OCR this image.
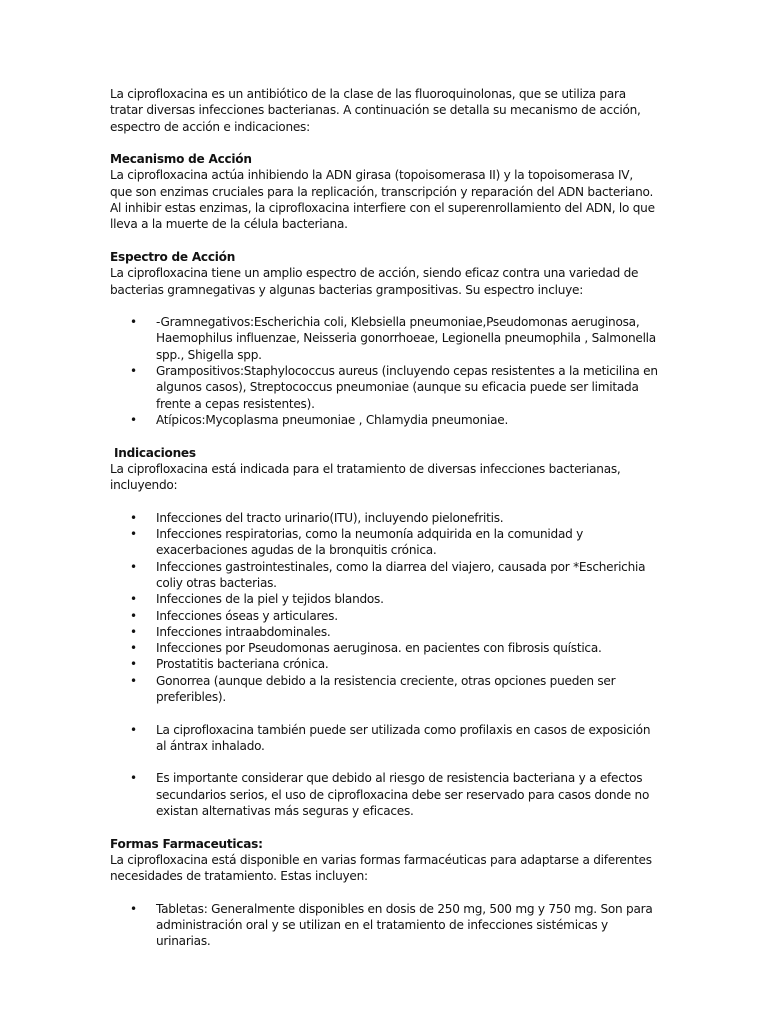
La ciprofloxacina es un antibiótico de la clase de las fluoroquinolonas, que se utiliza para tratar diversas infecciones bacterianas. A continuación se detalla su mecanismo de acción, espectro de acción e indicaciones:

Mecanismo de Acción

La ciprofloxacina actúa inhibiendo la ADN girasa (topoisomerasa II) y la topoisomerasa IV, que son enzimas cruciales para la replicación, transcripción y reparación del ADN bacteriano. Al inhibir estas enzimas, la ciprofloxacina interfiere con el superenrollamiento del ADN, lo que lleva a la muerte de la célula bacteriana.

Espectro de Acción

La ciprofloxacina tiene un amplio espectro de acción, siendo eficaz contra una variedad de bacterias gramnegativas y algunas bacterias grampositivas. Su espectro incluye:

• -Gramnegativos:Escherichia coli, Klebsiella pneumoniae,Pseudomonas aeruginosa, Haemophilus influenzae, Neisseria gonorrhoeae, Legionella pneumophila , Salmonella spp., Shigella spp.
• Grampositivos:Staphylococcus aureus (incluyendo cepas resistentes a la meticilina en algunos casos), Streptococcus pneumoniae (aunque su eficacia puede ser limitada frente a cepas resistentes).
• Atípicos:Mycoplasma pneumoniae , Chlamydia pneumoniae.

Indicaciones

La ciprofloxacina está indicada para el tratamiento de diversas infecciones bacterianas, incluyendo:

• Infecciones del tracto urinario(ITU), incluyendo pielonefritis.
• Infecciones respiratorias, como la neumonía adquirida en la comunidad y exacerbaciones agudas de la bronquitis crónica.
• Infecciones gastrointestinales, como la diarrea del viajero, causada por *Escherichia coliy otras bacterias.
• Infecciones de la piel y tejidos blandos.
• Infecciones óseas y articulares.
• Infecciones intraabdominales.
• Infecciones por Pseudomonas aeruginosa. en pacientes con fibrosis quística.
• Prostatitis bacteriana crónica.
• Gonorrea (aunque debido a la resistencia creciente, otras opciones pueden ser preferibles).
• La ciprofloxacina también puede ser utilizada como profilaxis en casos de exposición al ántrax inhalado.
• Es importante considerar que debido al riesgo de resistencia bacteriana y a efectos secundarios serios, el uso de ciprofloxacina debe ser reservado para casos donde no existan alternativas más seguras y eficaces.

Formas Farmaceuticas:

La ciprofloxacina está disponible en varias formas farmacéuticas para adaptarse a diferentes necesidades de tratamiento. Estas incluyen:

• Tabletas: Generalmente disponibles en dosis de 250 mg, 500 mg y 750 mg. Son para administración oral y se utilizan en el tratamiento de infecciones sistémicas y urinarias.
